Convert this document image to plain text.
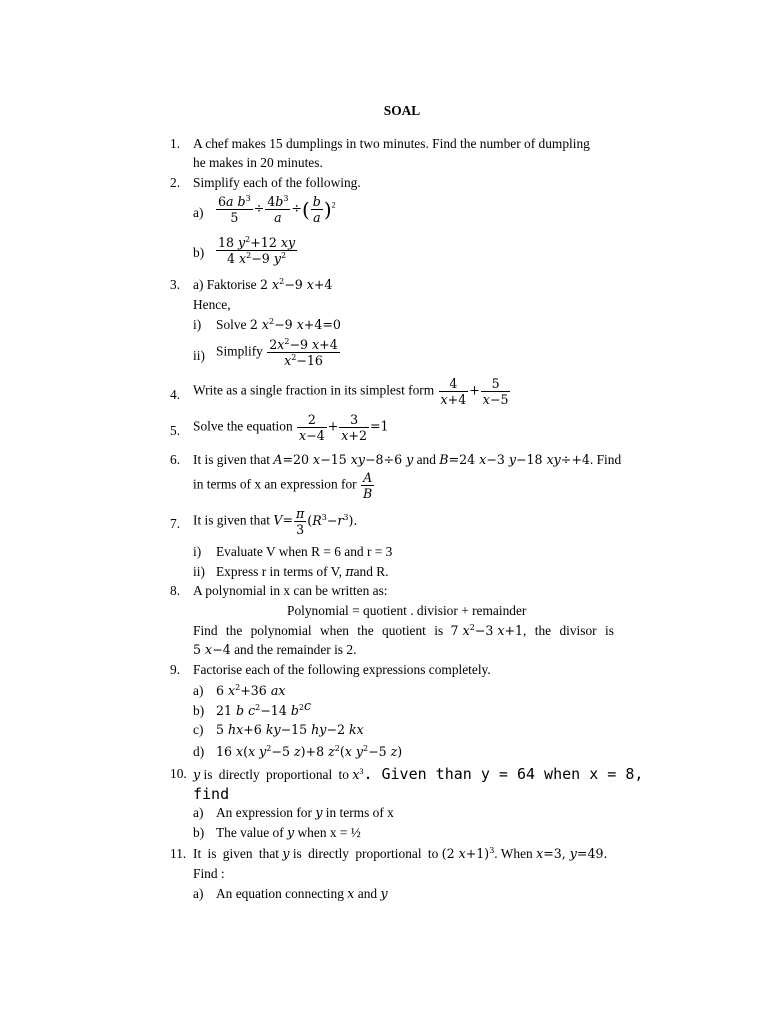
SOAL
1. A chef makes 15 dumplings in two minutes. Find the number of dumpling
he makes in 20 minutes.
2. Simplify each of the following.
$a) \frac{6a b^3}{5} \div \frac{4b^3}{a}$ ÷( $\frac{b}{a} )^2$
$b) \frac{18 y^2+12 xy}{4 x^2-9 y^2}$
3. a) Faktorise 2 $x^2-9$ x+4
Hence,
i) Solve 2 $x^2-9$ x+4=0
ii) Simplify $\frac{2x^2-9 x+4}{x^2-16}$
4. Write as a single fraction in its simplest form $\frac{4}{x+4} + \frac{5}{x-5}$
5. Solve the equation $\frac{2}{x-4} + \frac{3}{x+2} =1$
6. It is given that A=20 x−15 xy−8÷6 y and B=24 x−3 y−18 xy÷+4. Find
in terms of x an expression for $\frac{A}{B}$
7. It is given that $V= \frac{\pi}{3} (R^3-r^3)$.
i) Evaluate V when R = 6 and r = 3
ii) Express r in terms of V, πand R.
8. A polynomial in x can be written as:
Polynomial = quotient . divisior + remainder
Find the polynomial when the quotient is  7 $x^2-3$ x+1, the divisor is
5 x−4 and the remainder is 2.
9. Factorise each of the following expressions completely.
a) 6 $x^2+36$ ax
b) 21 b $c^2-14$ $b^{2c}$
c) 5 hx+6 ky−15 hy−2 kx
d) 16 x(x $y^2-5$ z)+8 $z^2(x$ $y^2-5$ z)
10. y is directly proportional to $x^3$. Given than y = 64 when x = 8,
find
a) An expression for y in terms of x
b) The value of y when x = ½
11. It is given that y is directly proportional to (2 x+1)$^3$. When x=3, y=49.
Find :
a) An equation connecting x and y
